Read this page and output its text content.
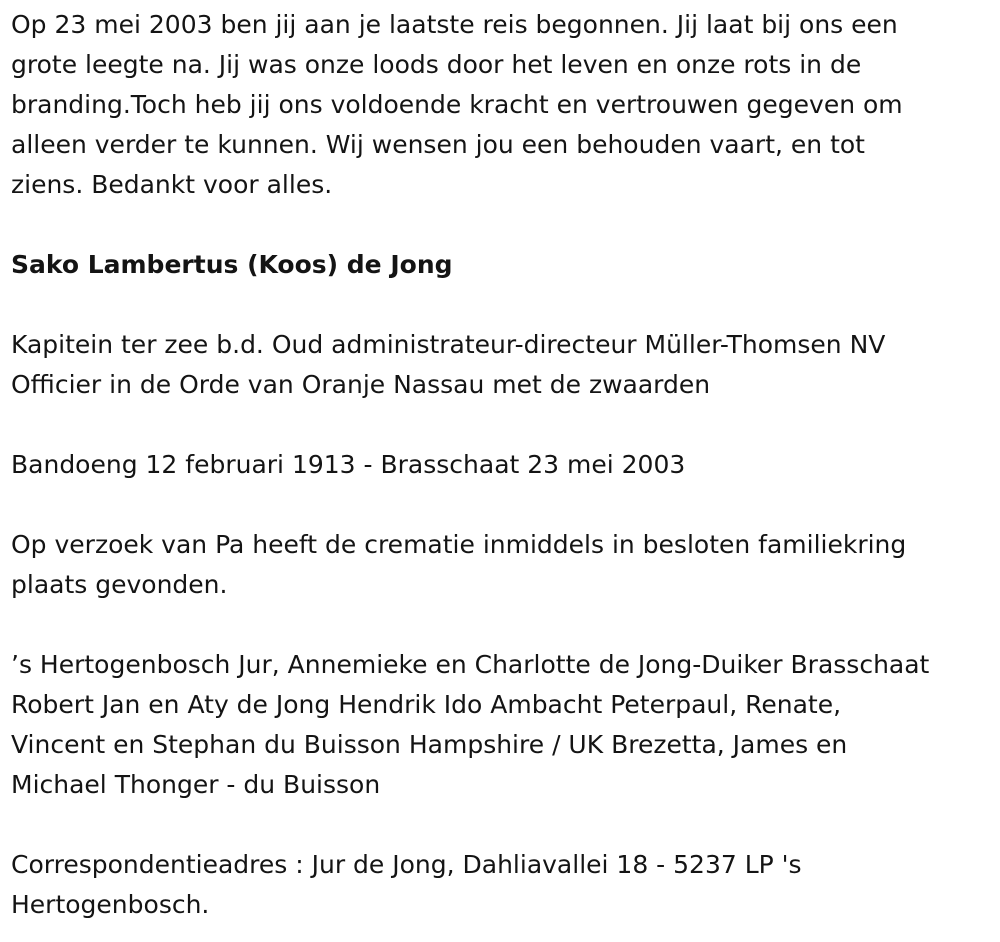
Op 23 mei 2003 ben jij aan je laatste reis begonnen. Jij laat bij ons een
grote leegte na. Jij was onze loods door het leven en onze rots in de
branding.Toch heb jij ons voldoende kracht en vertrouwen gegeven om
alleen verder te kunnen. Wij wensen jou een behouden vaart, en tot
ziens. Bedankt voor alles.

Sako Lambertus (Koos) de Jong

Kapitein ter zee b.d. Oud administrateur-directeur Müller-Thomsen NV
Officier in de Orde van Oranje Nassau met de zwaarden

Bandoeng 12 februari 1913 - Brasschaat 23 mei 2003

Op verzoek van Pa heeft de crematie inmiddels in besloten familiekring
plaats gevonden.

’s Hertogenbosch Jur, Annemieke en Charlotte de Jong-Duiker Brasschaat
Robert Jan en Aty de Jong Hendrik Ido Ambacht Peterpaul, Renate,
Vincent en Stephan du Buisson Hampshire / UK Brezetta, James en
Michael Thonger - du Buisson

Correspondentieadres : Jur de Jong, Dahliavallei 18 - 5237 LP 's
Hertogenbosch.
